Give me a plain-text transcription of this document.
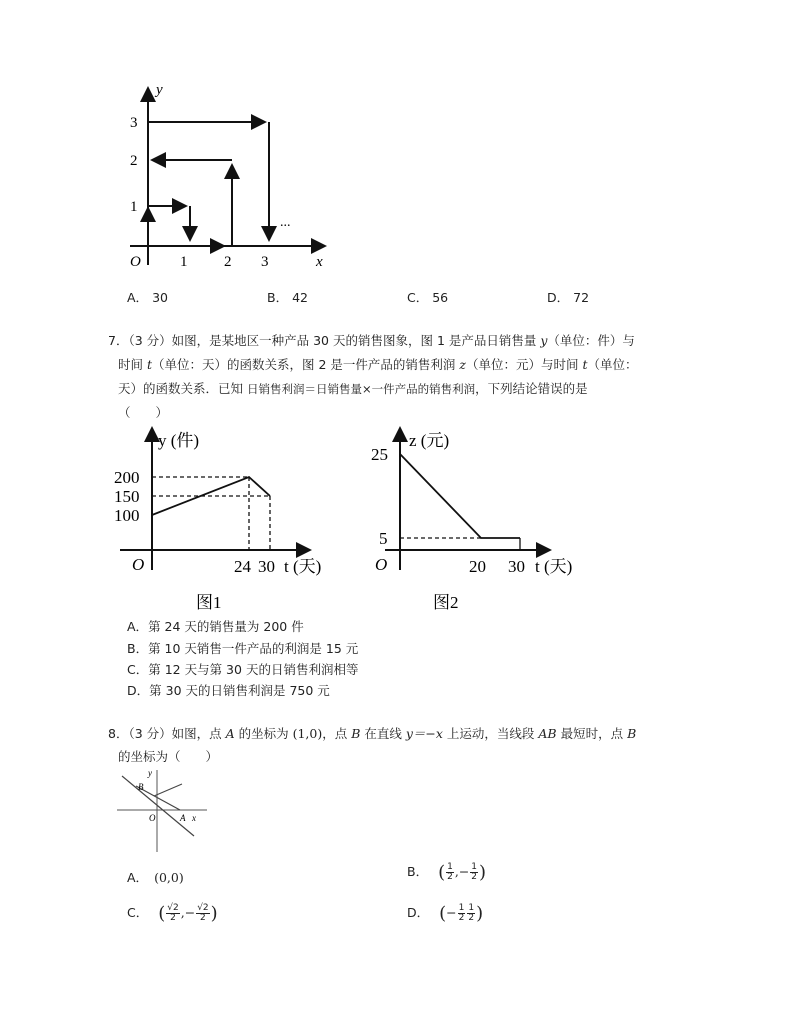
y
x
O
1
2
3
1 2 3
...
A． 30	B． 42	C． 56	D． 72
7．（3 分）如图，是某地区一种产品 30 天的销售图象，图 1 是产品日销售量 y（单位：件）与
时间 t（单位：天）的函数关系，图 2 是一件产品的销售利润 z（单位：元）与时间 t（单位：
天）的函数关系．已知 日销售利润＝日销售量×一件产品的销售利润，下列结论错误的是
（　　）
y (件)
200
150
100
O	24 30 t (天)
图1
z (元)
25
5
O	20 30 t (天)
图2
A．第 24 天的销售量为 200 件
B．第 10 天销售一件产品的利润是 15 元
C．第 12 天与第 30 天的日销售利润相等
D．第 30 天的日销售利润是 750 元
8．（3 分）如图，点 A 的坐标为 (1,0)，点 B 在直线 y＝−x 上运动，当线段 AB 最短时，点 B
的坐标为（　　）
y
B
O	A x
A． (0,0)	B． ( $\frac{1}{2}$ ,− $\frac{1}{2}$ )
C． ( $\frac{√2}{2}$ ,− $\frac{√2}{2}$ )	D． (− $\frac{1}{2} \frac{1}{2}$ )
